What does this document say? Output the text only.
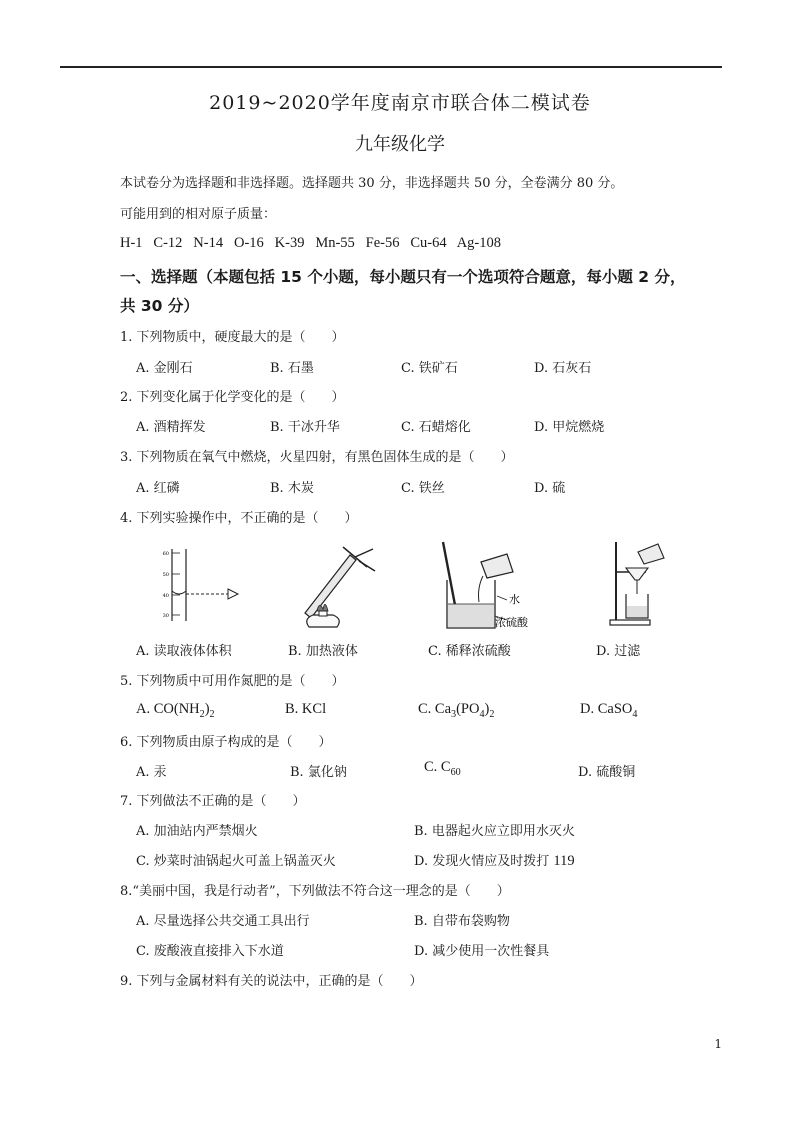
2019~2020学年度南京市联合体二模试卷
九年级化学
本试卷分为选择题和非选择题。选择题共 30 分，非选择题共 50 分，全卷满分 80 分。
可能用到的相对原子质量：
H-1   C-12   N-14   O-16   K-39   Mn-55   Fe-56   Cu-64   Ag-108
一、选择题（本题包括 15 个小题，每小题只有一个选项符合题意，每小题 2 分，
共 30 分）
1. 下列物质中，硬度最大的是（　　）
A. 金刚石	B. 石墨	C. 铁矿石	D. 石灰石
2. 下列变化属于化学变化的是（　　）
A. 酒精挥发	B. 干冰升华	C. 石蜡熔化	D. 甲烷燃烧
3. 下列物质在氧气中燃烧，火星四射，有黑色固体生成的是（　　）
A. 红磷	B. 木炭	C. 铁丝	D. 硫
4. 下列实验操作中，不正确的是（　　）
60
50
40
30
水
浓硫酸
A. 读取液体体积	B. 加热液体	C. 稀释浓硫酸	D. 过滤
5. 下列物质中可用作氮肥的是（　　）
A. $CO(NH_2)_2$	B. KCl	C. $Ca_3(PO_4)_2$	D. CaSO$_4$
6. 下列物质由原子构成的是（　　）
A. 汞	B. 氯化钠	C. $C_{60}$	D. 硫酸铜
7. 下列做法不正确的是（　　）
A. 加油站内严禁烟火	B. 电器起火应立即用水灭火
C. 炒菜时油锅起火可盖上锅盖灭火	D. 发现火情应及时拨打 119
8.“美丽中国，我是行动者”，下列做法不符合这一理念的是（　　）
A. 尽量选择公共交通工具出行	B. 自带布袋购物
C. 废酸液直接排入下水道	D. 减少使用一次性餐具
9. 下列与金属材料有关的说法中，正确的是（　　）
1
